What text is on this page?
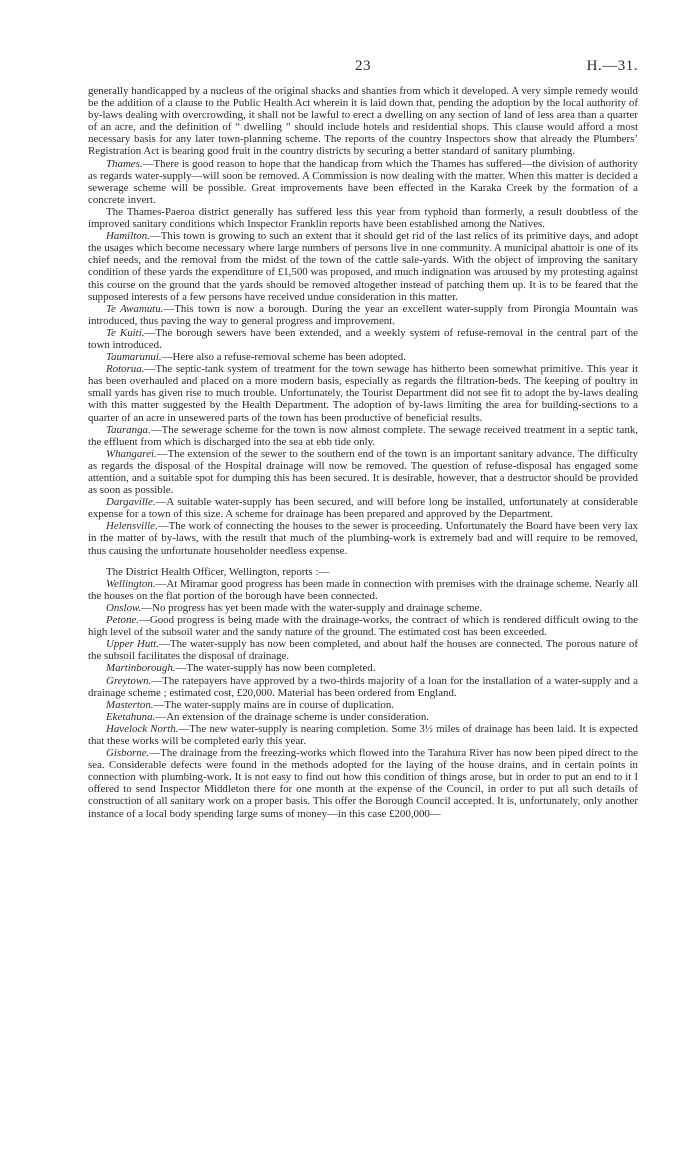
23	H.—31.

generally handicapped by a nucleus of the original shacks and shanties from which it developed. A very simple remedy would be the addition of a clause to the Public Health Act wherein it is laid down that, pending the adoption by the local authority of by-laws dealing with overcrowding, it shall not be lawful to erect a dwelling on any section of land of less area than a quarter of an acre, and the definition of “ dwelling ” should include hotels and residential shops. This clause would afford a most necessary basis for any later town-planning scheme. The reports of the country Inspectors show that already the Plumbers’ Registration Act is bearing good fruit in the country districts by securing a better standard of sanitary plumbing.

Thames.—There is good reason to hope that the handicap from which the Thames has suffered—the division of authority as regards water-supply—will soon be removed. A Commission is now dealing with the matter. When this matter is decided a sewerage scheme will be possible. Great improvements have been effected in the Karaka Creek by the formation of a concrete invert.

The Thames-Paeroa district generally has suffered less this year from typhoid than formerly, a result doubtless of the improved sanitary conditions which Inspector Franklin reports have been established among the Natives.

Hamilton.—This town is growing to such an extent that it should get rid of the last relics of its primitive days, and adopt the usages which become necessary where large numbers of persons live in one community. A municipal abattoir is one of its chief needs, and the removal from the midst of the town of the cattle sale-yards. With the object of improving the sanitary condition of these yards the expenditure of £1,500 was proposed, and much indignation was aroused by my protesting against this course on the ground that the yards should be removed altogether instead of patching them up. It is to be feared that the supposed interests of a few persons have received undue consideration in this matter.

Te Awamutu.—This town is now a borough. During the year an excellent water-supply from Pirongia Mountain was introduced, thus paving the way to general progress and improvement.

Te Kuiti.—The borough sewers have been extended, and a weekly system of refuse-removal in the central part of the town introduced.

Taumarunui.—Here also a refuse-removal scheme has been adopted.

Rotorua.—The septic-tank system of treatment for the town sewage has hitherto been somewhat primitive. This year it has been overhauled and placed on a more modern basis, especially as regards the filtration-beds. The keeping of poultry in small yards has given rise to much trouble. Unfortunately, the Tourist Department did not see fit to adopt the by-laws dealing with this matter suggested by the Health Department. The adoption of by-laws limiting the area for building-sections to a quarter of an acre in unsewered parts of the town has been productive of beneficial results.

Tauranga.—The sewerage scheme for the town is now almost complete. The sewage received treatment in a septic tank, the effluent from which is discharged into the sea at ebb tide only.

Whangarei.—The extension of the sewer to the southern end of the town is an important sanitary advance. The difficulty as regards the disposal of the Hospital drainage will now be removed. The question of refuse-disposal has engaged some attention, and a suitable spot for dumping this has been secured. It is desirable, however, that a destructor should be provided as soon as possible.

Dargaville.—A suitable water-supply has been secured, and will before long be installed, unfortunately at considerable expense for a town of this size. A scheme for drainage has been prepared and approved by the Department.

Helensville.—The work of connecting the houses to the sewer is proceeding. Unfortunately the Board have been very lax in the matter of by-laws, with the result that much of the plumbing-work is extremely bad and will require to be removed, thus causing the unfortunate householder needless expense.

The District Health Officer, Wellington, reports :—

Wellington.—At Miramar good progress has been made in connection with premises with the drainage scheme. Nearly all the houses on the flat portion of the borough have been connected.

Onslow.—No progress has yet been made with the water-supply and drainage scheme.

Petone.—Good progress is being made with the drainage-works, the contract of which is rendered difficult owing to the high level of the subsoil water and the sandy nature of the ground. The estimated cost has been exceeded.

Upper Hutt.—The water-supply has now been completed, and about half the houses are connected. The porous nature of the subsoil facilitates the disposal of drainage.

Martinborough.—The water-supply has now been completed.

Greytown.—The ratepayers have approved by a two-thirds majority of a loan for the installation of a water-supply and a drainage scheme ; estimated cost, £20,000. Material has been ordered from England.

Masterton.—The water-supply mains are in course of duplication.

Eketahuna.—An extension of the drainage scheme is under consideration.

Havelock North.—The new water-supply is nearing completion. Some 3½ miles of drainage has been laid. It is expected that these works will be completed early this year.

Gisborne.—The drainage from the freezing-works which flowed into the Tarahura River has now been piped direct to the sea. Considerable defects were found in the methods adopted for the laying of the house drains, and in certain points in connection with plumbing-work. It is not easy to find out how this condition of things arose, but in order to put an end to it I offered to send Inspector Middleton there for one month at the expense of the Council, in order to put all such details of construction of all sanitary work on a proper basis. This offer the Borough Council accepted. It is, unfortunately, only another instance of a local body spending large sums of money—in this case £200,000—
